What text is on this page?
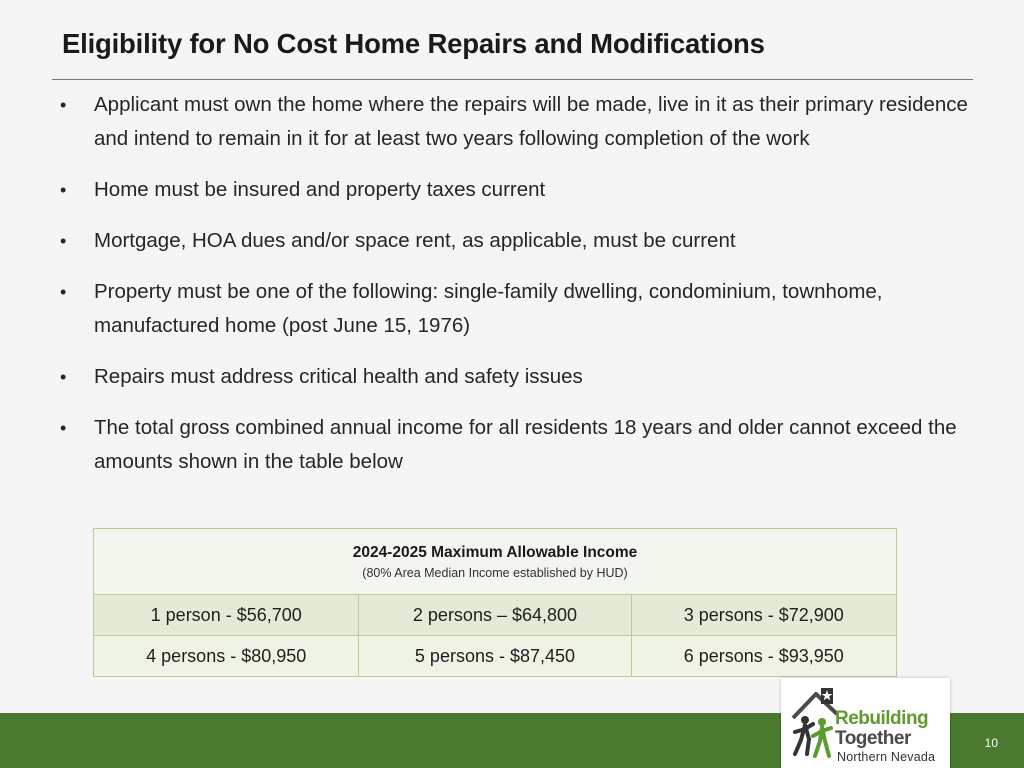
Eligibility for No Cost Home Repairs and Modifications
•	Applicant must own the home where the repairs will be made, live in it as their primary residence and intend to remain in it for at least two years following completion of the work
•	Home must be insured and property taxes current
•	Mortgage, HOA dues and/or space rent, as applicable, must be current
•	Property must be one of the following: single-family dwelling, condominium, townhome, manufactured home (post June 15, 1976)
•	Repairs must address critical health and safety issues
•	The total gross combined annual income for all residents 18 years and older cannot exceed the amounts shown in the table below
2024-2025 Maximum Allowable Income
(80% Area Median Income established by HUD)		

1 person - $56,700	2 persons – $64,800	3 persons - $72,900
4 persons - $80,950	5 persons - $87,450	6 persons - $93,950
10
Rebuilding
Together
Northern Nevada
